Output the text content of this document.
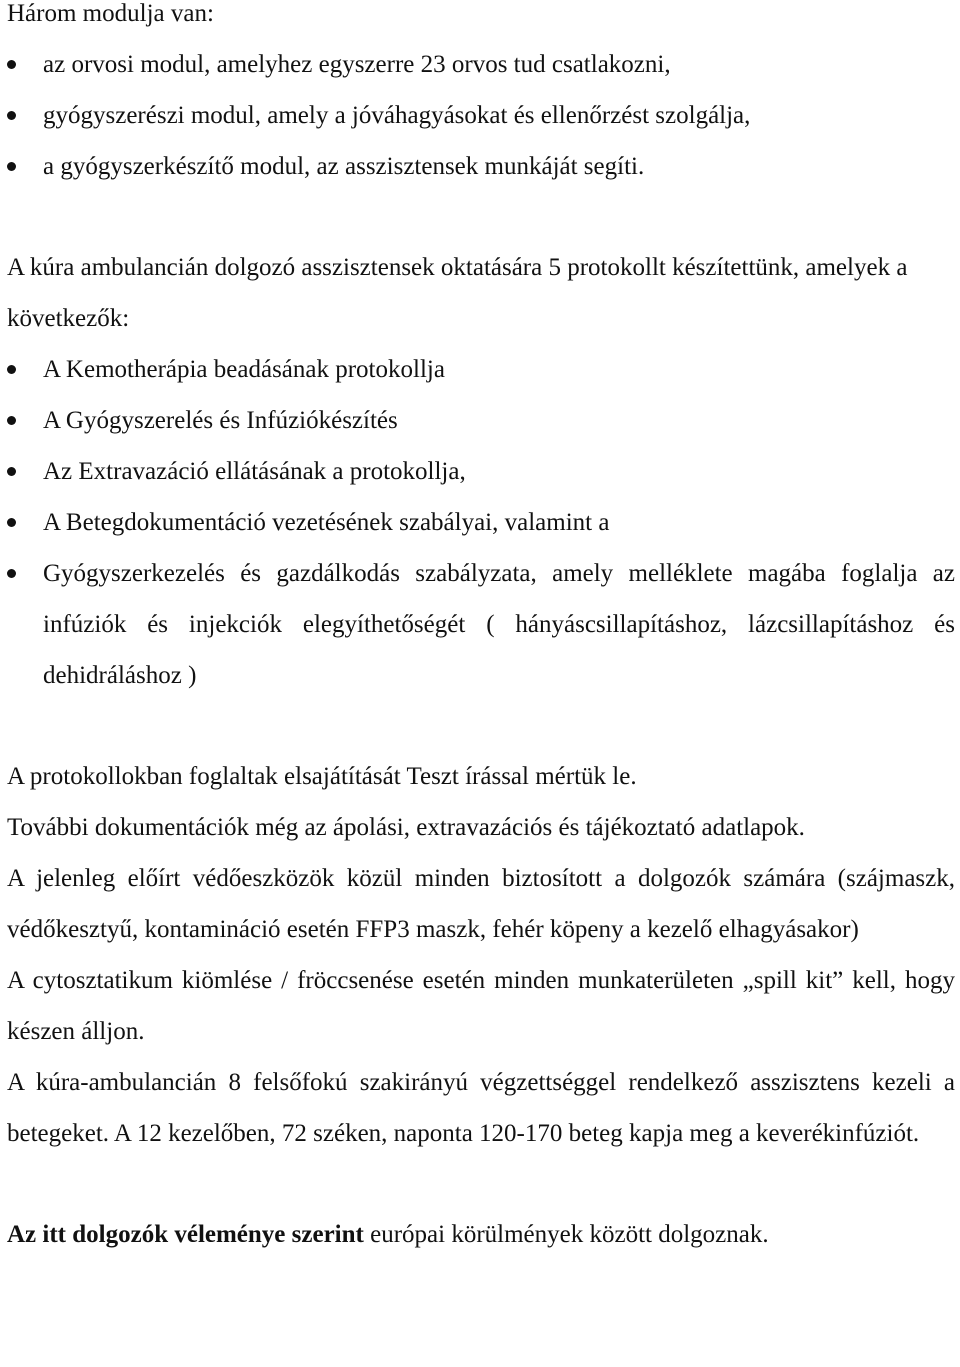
Három modulja van:

az orvosi modul, amelyhez egyszerre 23 orvos tud csatlakozni,
gyógyszerészi modul, amely a jóváhagyásokat és ellenőrzést szolgálja,
a gyógyszerkészítő modul, az asszisztensek munkáját segíti.

A kúra ambulancián dolgozó asszisztensek oktatására 5 protokollt készítettünk, amelyek a következők:

A Kemotherápia beadásának protokollja
A Gyógyszerelés és Infúziókészítés
Az Extravazáció ellátásának a protokollja,
A Betegdokumentáció vezetésének szabályai, valamint a
Gyógyszerkezelés és gazdálkodás szabályzata, amely melléklete magába foglalja az infúziók és injekciók elegyíthetőségét ( hányáscsillapításhoz, lázcsillapításhoz és dehidráláshoz )

A protokollokban foglaltak elsajátítását Teszt írással mértük le.

További dokumentációk még az ápolási, extravazációs és tájékoztató adatlapok.

A jelenleg előírt védőeszközök közül minden biztosított a dolgozók számára (szájmaszk, védőkesztyű, kontamináció esetén FFP3 maszk, fehér köpeny a kezelő elhagyásakor)

A cytosztatikum kiömlése / fröccsenése esetén minden munkaterületen „spill kit” kell, hogy készen álljon.

A kúra-ambulancián 8 felsőfokú szakirányú végzettséggel rendelkező asszisztens kezeli a betegeket. A 12 kezelőben, 72 széken, naponta 120-170 beteg kapja meg a keverékinfúziót.

Az itt dolgozók véleménye szerint európai körülmények között dolgoznak.
